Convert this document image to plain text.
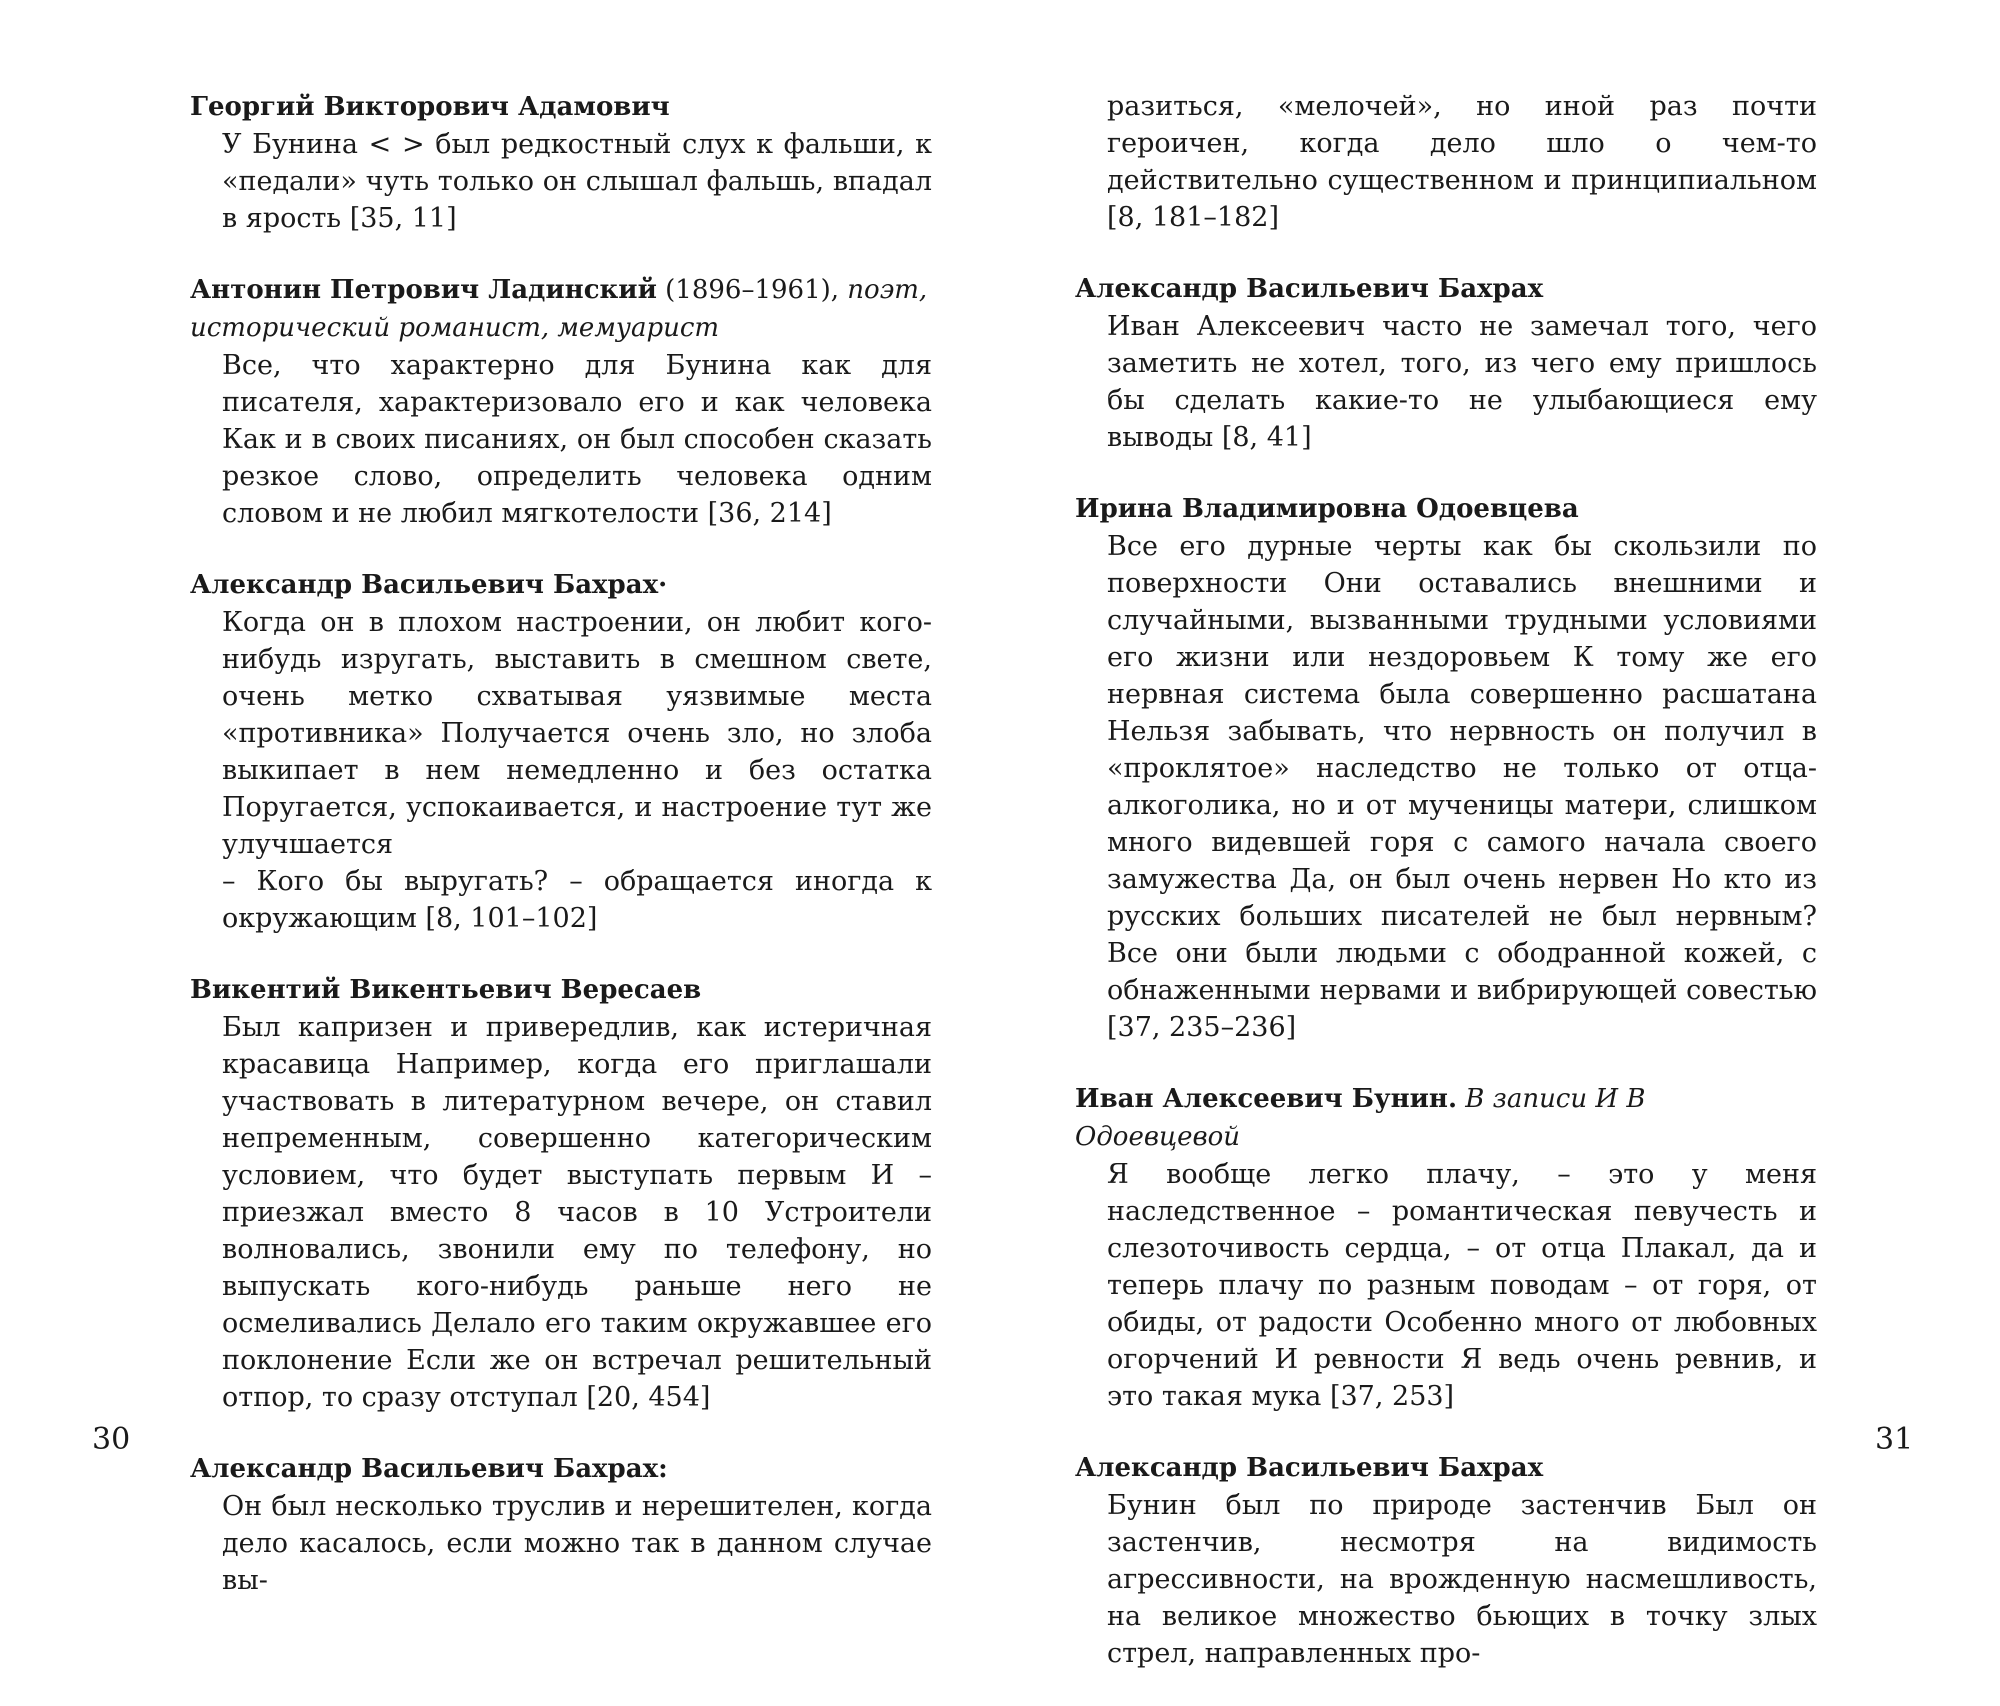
Георгий Викторович Адамович

У Бунина < > был редкостный слух к фальши, к «педали» чуть только он слышал фальшь, впадал в ярость [35, 11]

Антонин Петрович Ладинский (1896–1961), поэт, исторический романист, мемуарист

Все, что характерно для Бунина как для писателя, характеризовало его и как человека Как и в своих писаниях, он был способен сказать резкое слово, определить человека одним словом и не любил мягкотелости [36, 214]

Александр Васильевич Бахрах·

Когда он в плохом настроении, он любит кого-нибудь изругать, выставить в смешном свете, очень метко схватывая уязвимые места «противника» Получается очень зло, но злоба выкипает в нем немедленно и без остатка Поругается, успокаивается, и настроение тут же улучшается
– Кого бы выругать? – обращается иногда к окружающим [8, 101–102]

Викентий Викентьевич Вересаев

Был капризен и привередлив, как истеричная красавица Например, когда его приглашали участвовать в литературном вечере, он ставил непременным, совершенно категорическим условием, что будет выступать первым И – приезжал вместо 8 часов в 10 Устроители волновались, звонили ему по телефону, но выпускать кого-нибудь раньше него не осмеливались Делало его таким окружавшее его поклонение Если же он встречал решительный отпор, то сразу отступал [20, 454]

Александр Васильевич Бахрах:

Он был несколько труслив и нерешителен, когда дело касалось, если можно так в данном случае вы-

30

разиться, «мелочей», но иной раз почти героичен, когда дело шло о чем-то действительно существенном и принципиальном [8, 181–182]

Александр Васильевич Бахрах

Иван Алексеевич часто не замечал того, чего заметить не хотел, того, из чего ему пришлось бы сделать какие-то не улыбающиеся ему выводы [8, 41]

Ирина Владимировна Одоевцева

Все его дурные черты как бы скользили по поверхности Они оставались внешними и случайными, вызванными трудными условиями его жизни или нездоровьем К тому же его нервная система была совершенно расшатана Нельзя забывать, что нервность он получил в «проклятое» наследство не только от отца-алкоголика, но и от мученицы матери, слишком много видевшей горя с самого начала своего замужества Да, он был очень нервен Но кто из русских больших писателей не был нервным? Все они были людьми с ободранной кожей, с обнаженными нервами и вибрирующей совестью [37, 235–236]

Иван Алексеевич Бунин. В записи И В Одоевцевой

Я вообще легко плачу, – это у меня наследственное – романтическая певучесть и слезоточивость сердца, – от отца Плакал, да и теперь плачу по разным поводам – от горя, от обиды, от радости Особенно много от любовных огорчений И ревности Я ведь очень ревнив, и это такая мука [37, 253]

Александр Васильевич Бахрах

Бунин был по природе застенчив Был он застенчив, несмотря на видимость агрессивности, на врожденную насмешливость, на великое множество бьющих в точку злых стрел, направленных про-

31
